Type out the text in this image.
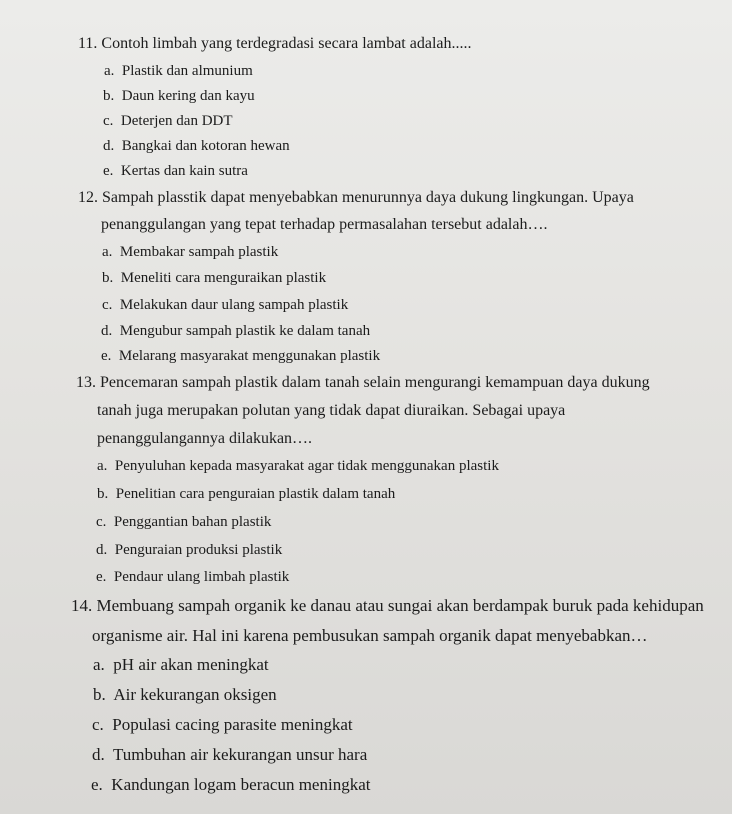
11. Contoh limbah yang terdegradasi secara lambat adalah.....
a. Plastik dan almunium
b. Daun kering dan kayu
c. Deterjen dan DDT
d. Bangkai dan kotoran hewan
e. Kertas dan kain sutra
12. Sampah plasstik dapat menyebabkan menurunnya daya dukung lingkungan. Upaya
penanggulangan yang tepat terhadap permasalahan tersebut adalah….
a. Membakar sampah plastik
b. Meneliti cara menguraikan plastik
c. Melakukan daur ulang sampah plastik
d. Mengubur sampah plastik ke dalam tanah
e. Melarang masyarakat menggunakan plastik
13. Pencemaran sampah plastik dalam tanah selain mengurangi kemampuan daya dukung
tanah juga merupakan polutan yang tidak dapat diuraikan. Sebagai upaya
penanggulangannya dilakukan….
a. Penyuluhan kepada masyarakat agar tidak menggunakan plastik
b. Penelitian cara penguraian plastik dalam tanah
c. Penggantian bahan plastik
d. Penguraian produksi plastik
e. Pendaur ulang limbah plastik
14. Membuang sampah organik ke danau atau sungai akan berdampak buruk pada kehidupan
organisme air. Hal ini karena pembusukan sampah organik dapat menyebabkan…
a. pH air akan meningkat
b. Air kekurangan oksigen
c. Populasi cacing parasite meningkat
d. Tumbuhan air kekurangan unsur hara
e. Kandungan logam beracun meningkat
